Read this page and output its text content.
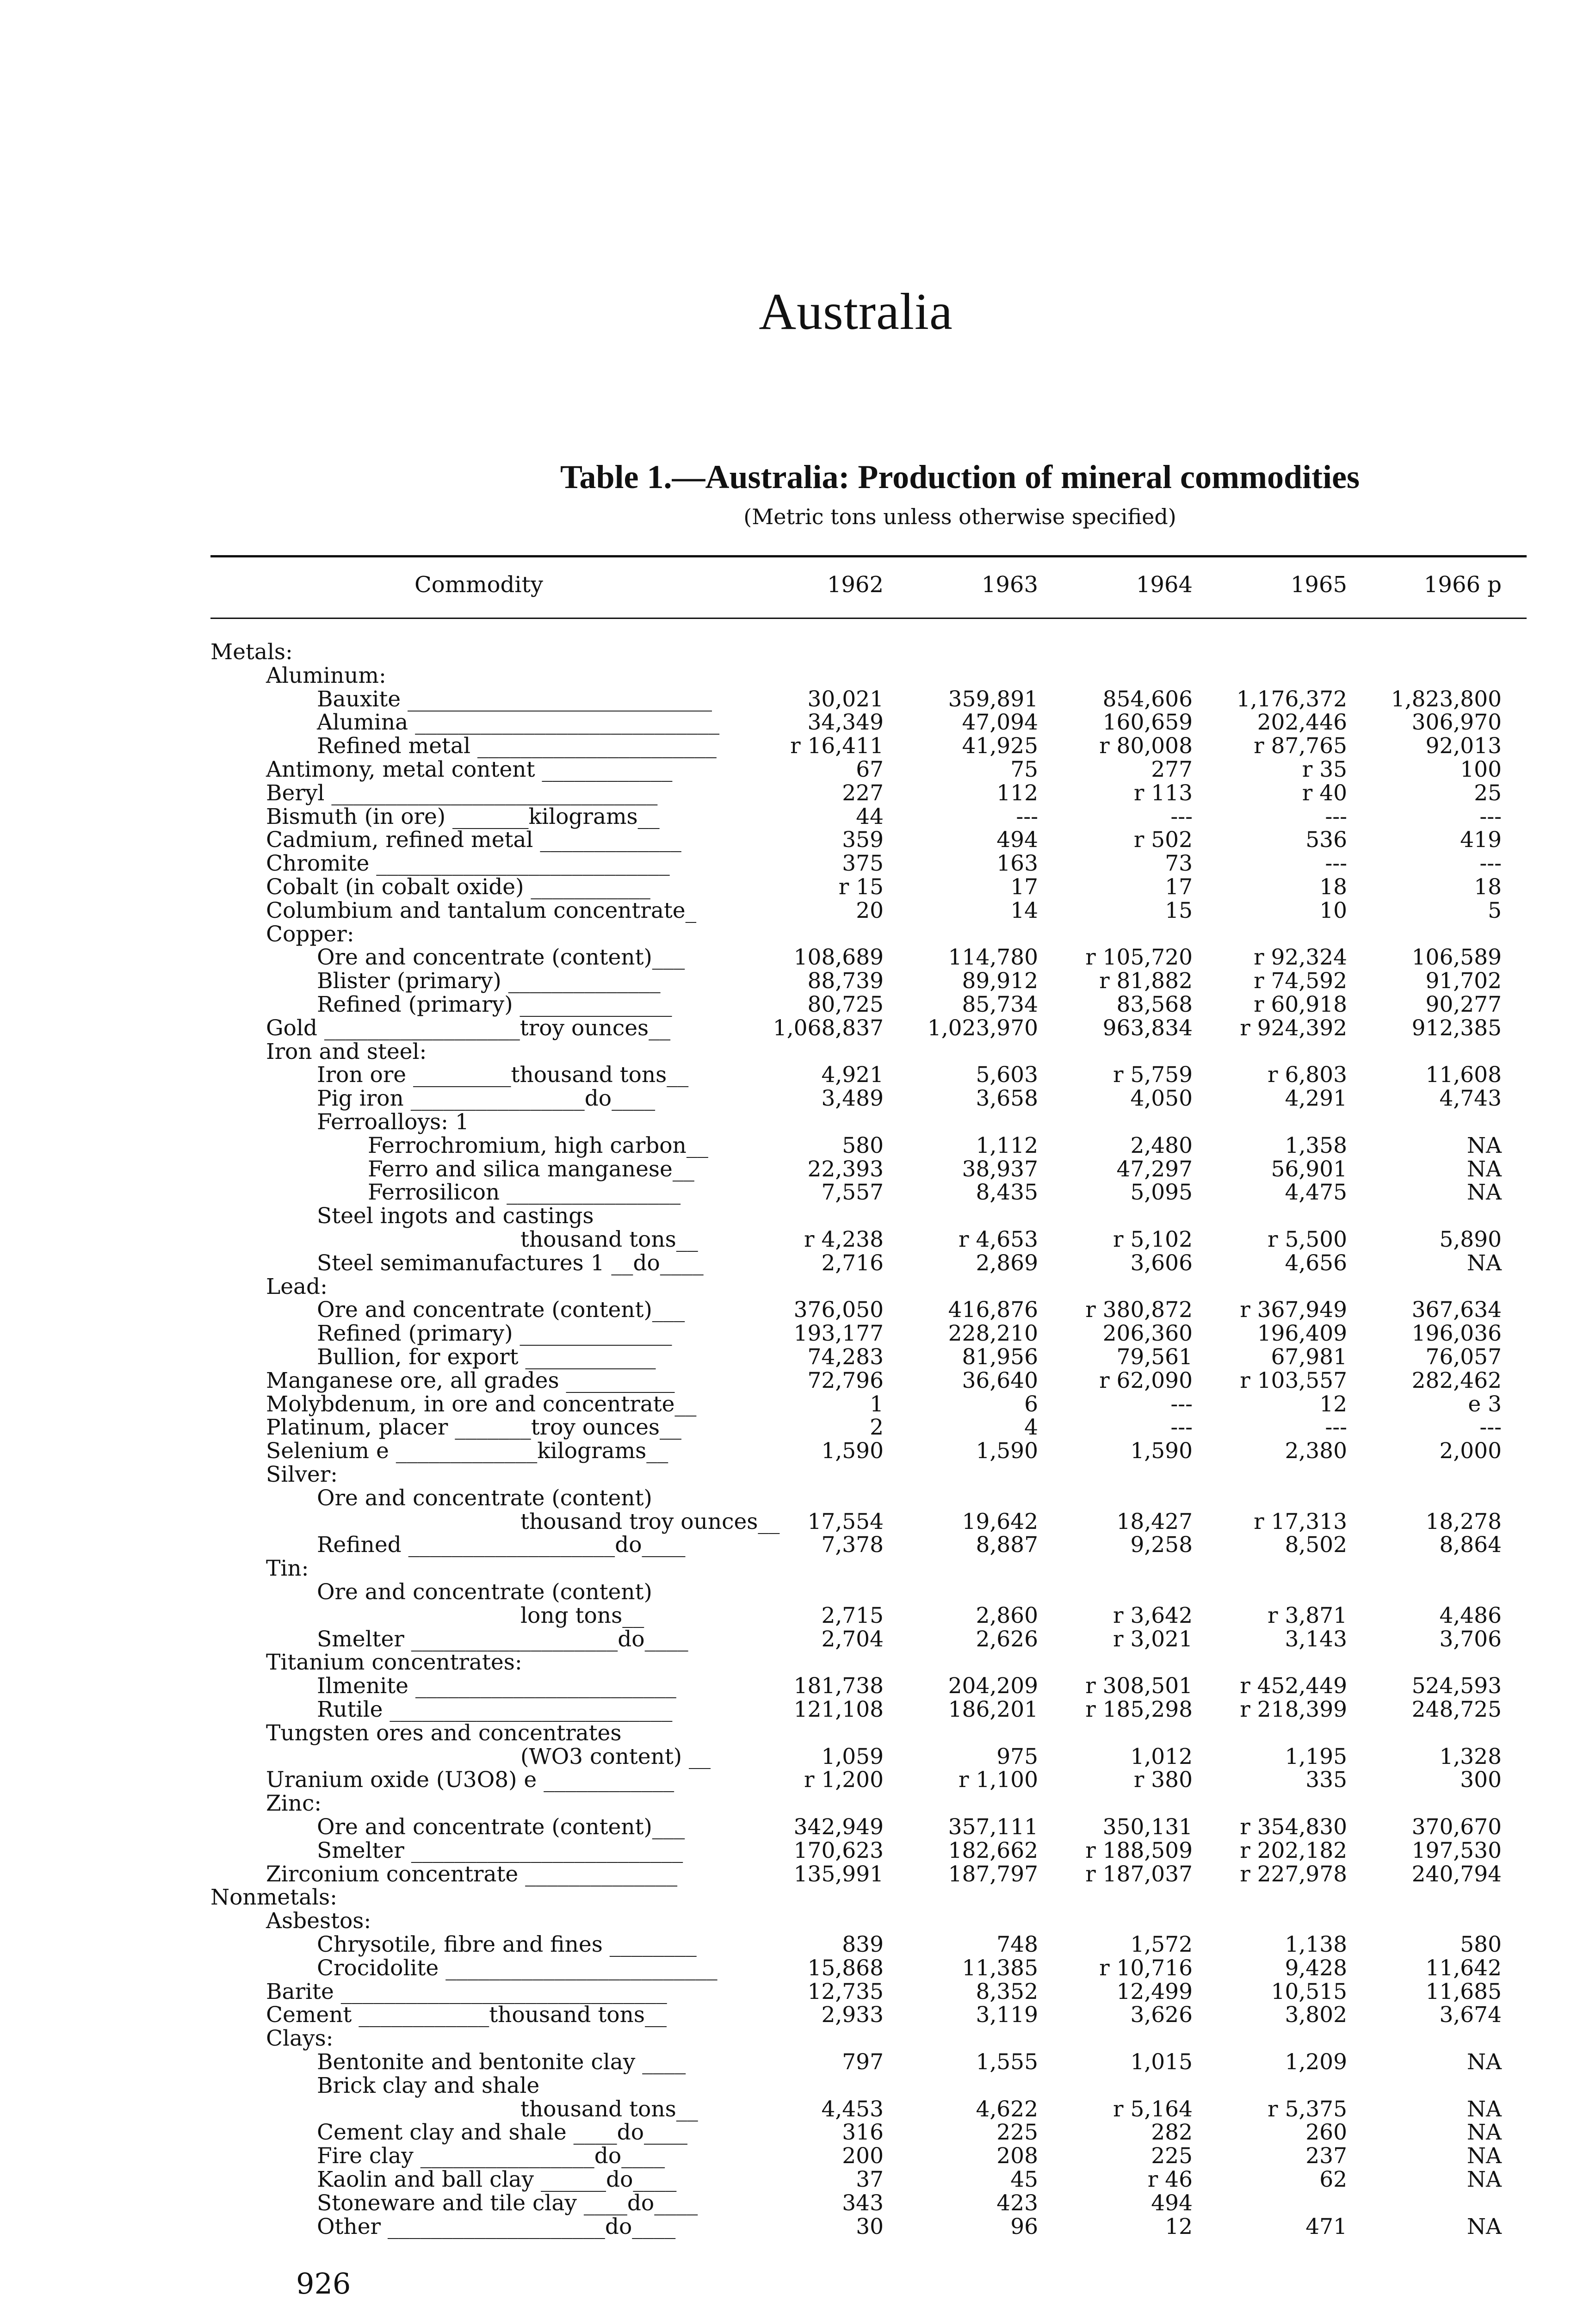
Australia
Table 1.—Australia: Production of mineral commodities
(Metric tons unless otherwise specified)
Commodity	1962	1963	1964	1965	1966 p
Metals:
Aluminum:
Bauxite ____________________________	30,021	359,891	854,606	1,176,372	1,823,800
Alumina ____________________________	34,349	47,094	160,659	202,446	306,970
Refined metal ______________________	r 16,411	41,925	r 80,008	r 87,765	92,013
Antimony, metal content ____________	67	75	277	r 35	100
Beryl ______________________________	227	112	r 113	r 40	25
Bismuth (in ore) _______kilograms__	44	---	---	---	---
Cadmium, refined metal _____________	359	494	r 502	536	419
Chromite ___________________________	375	163	73	---	---
Cobalt (in cobalt oxide) ___________	r 15	17	17	18	18
Columbium and tantalum concentrate_	20	14	15	10	5
Copper:
Ore and concentrate (content)___	108,689	114,780	r 105,720	r 92,324	106,589
Blister (primary) ______________	88,739	89,912	r 81,882	r 74,592	91,702
Refined (primary) ______________	80,725	85,734	83,568	r 60,918	90,277
Gold __________________troy ounces__	1,068,837	1,023,970	963,834	r 924,392	912,385
Iron and steel:
Iron ore _________thousand tons__	4,921	5,603	r 5,759	r 6,803	11,608
Pig iron ________________do____	3,489	3,658	4,050	4,291	4,743
Ferroalloys: 1
Ferrochromium, high carbon__	580	1,112	2,480	1,358	NA
Ferro and silica manganese__	22,393	38,937	47,297	56,901	NA
Ferrosilicon ________________	7,557	8,435	5,095	4,475	NA
Steel ingots and castings
thousand tons__	r 4,238	r 4,653	r 5,102	r 5,500	5,890
Steel semimanufactures 1 __do____	2,716	2,869	3,606	4,656	NA
Lead:
Ore and concentrate (content)___	376,050	416,876	r 380,872	r 367,949	367,634
Refined (primary) ______________	193,177	228,210	206,360	196,409	196,036
Bullion, for export ____________	74,283	81,956	79,561	67,981	76,057
Manganese ore, all grades __________	72,796	36,640	r 62,090	r 103,557	282,462
Molybdenum, in ore and concentrate__	1	6	---	12	e 3
Platinum, placer _______troy ounces__	2	4	---	---	---
Selenium e _____________kilograms__	1,590	1,590	1,590	2,380	2,000
Silver:
Ore and concentrate (content)
thousand troy ounces__	17,554	19,642	18,427	r 17,313	18,278
Refined ___________________do____	7,378	8,887	9,258	8,502	8,864
Tin:
Ore and concentrate (content)
long tons__	2,715	2,860	r 3,642	r 3,871	4,486
Smelter ___________________do____	2,704	2,626	r 3,021	3,143	3,706
Titanium concentrates:
Ilmenite ________________________	181,738	204,209	r 308,501	r 452,449	524,593
Rutile __________________________	121,108	186,201	r 185,298	r 218,399	248,725
Tungsten ores and concentrates
(WO3 content) __	1,059	975	1,012	1,195	1,328
Uranium oxide (U3O8) e ____________	r 1,200	r 1,100	r 380	335	300
Zinc:
Ore and concentrate (content)___	342,949	357,111	350,131	r 354,830	370,670
Smelter _________________________	170,623	182,662	r 188,509	r 202,182	197,530
Zirconium concentrate ______________	135,991	187,797	r 187,037	r 227,978	240,794
Nonmetals:
Asbestos:
Chrysotile, fibre and fines ________	839	748	1,572	1,138	580
Crocidolite _________________________	15,868	11,385	r 10,716	9,428	11,642
Barite ______________________________	12,735	8,352	12,499	10,515	11,685
Cement ____________thousand tons__	2,933	3,119	3,626	3,802	3,674
Clays:
Bentonite and bentonite clay ____	797	1,555	1,015	1,209	NA
Brick clay and shale
thousand tons__	4,453	4,622	r 5,164	r 5,375	NA
Cement clay and shale ____do____	316	225	282	260	NA
Fire clay ________________do____	200	208	225	237	NA
Kaolin and ball clay ______do____	37	45	r 46	62	NA
Stoneware and tile clay ____do____	343	423	494
Other ____________________do____	30	96	12	471	NA
926
